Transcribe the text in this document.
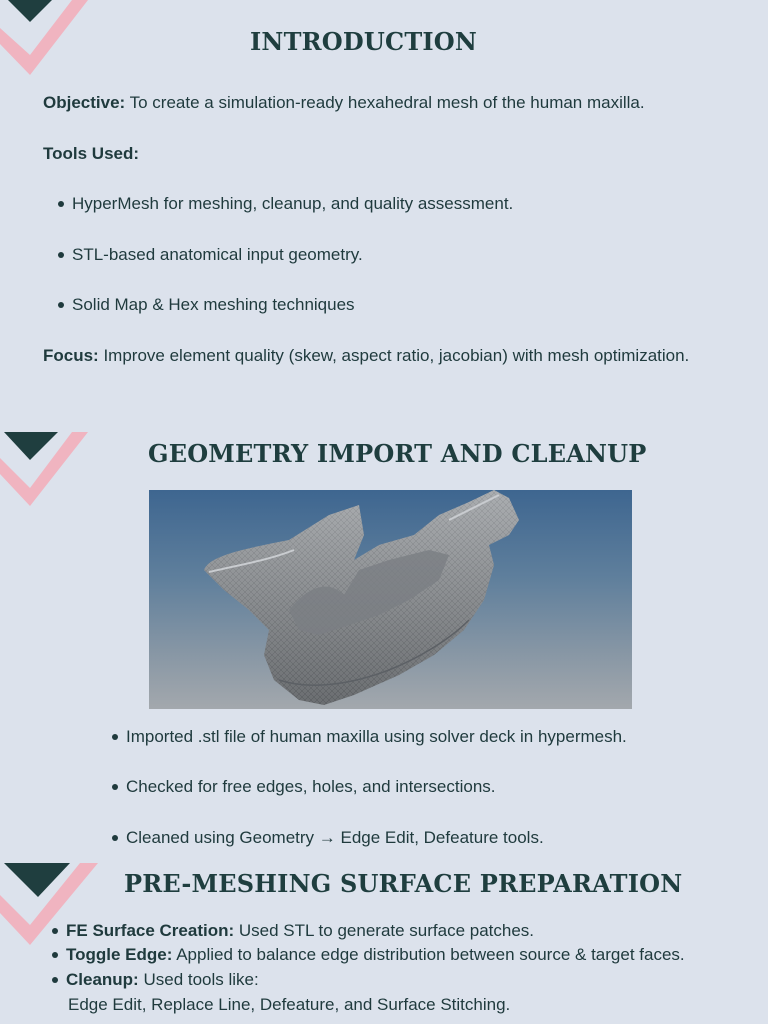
INTRODUCTION
Objective: To create a simulation-ready hexahedral mesh of the human maxilla.
Tools Used:
HyperMesh for meshing, cleanup, and quality assessment.
STL-based anatomical input geometry.
Solid Map & Hex meshing techniques
Focus: Improve element quality (skew, aspect ratio, jacobian) with mesh optimization.
GEOMETRY IMPORT AND CLEANUP
Imported .stl file of human maxilla using solver deck in hypermesh.
Checked for free edges, holes, and intersections.
Cleaned using Geometry → Edge Edit, Defeature tools.
PRE-MESHING SURFACE PREPARATION
FE Surface Creation: Used STL to generate surface patches.
Toggle Edge: Applied to balance edge distribution between source & target faces.
Cleanup: Used tools like:
Edge Edit, Replace Line, Defeature, and Surface Stitching.
